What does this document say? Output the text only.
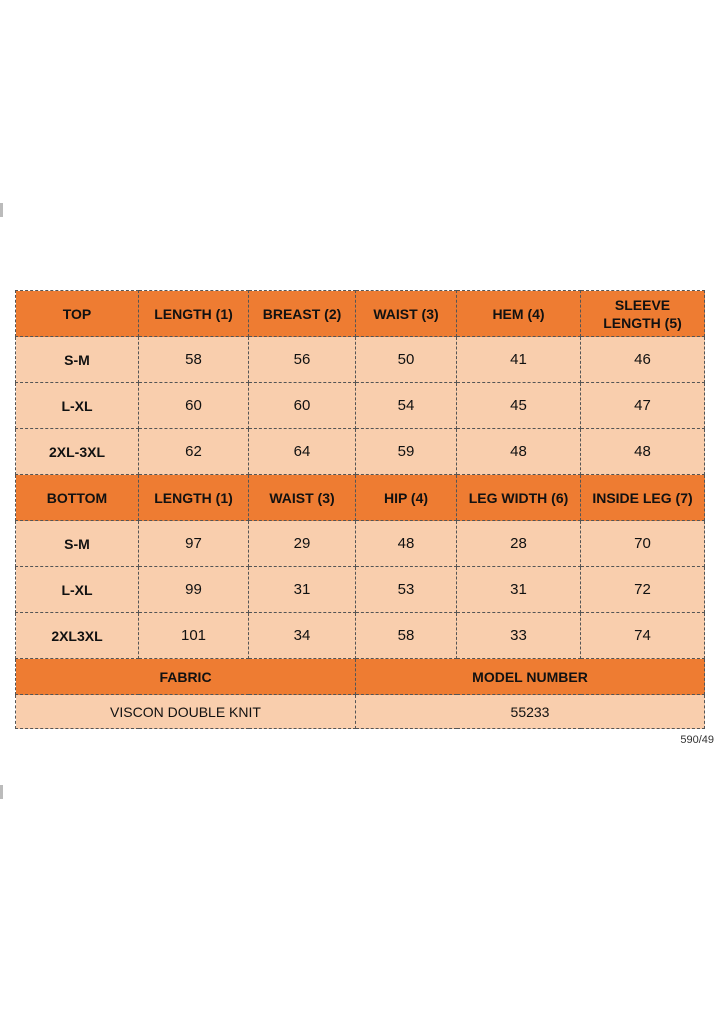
TOP	LENGTH (1)	BREAST (2)	WAIST (3)	HEM (4)	SLEEVE LENGTH (5)
S-M	58	56	50	41	46
L-XL	60	60	54	45	47
2XL-3XL	62	64	59	48	48
BOTTOM	LENGTH (1)	WAIST (3)	HIP (4)	LEG WIDTH (6)	INSIDE LEG (7)
S-M	97	29	48	28	70
L-XL	99	31	53	31	72
2XL3XL	101	34	58	33	74
FABRIC			MODEL NUMBER		
VISCON DOUBLE KNIT			55233		
590/49
